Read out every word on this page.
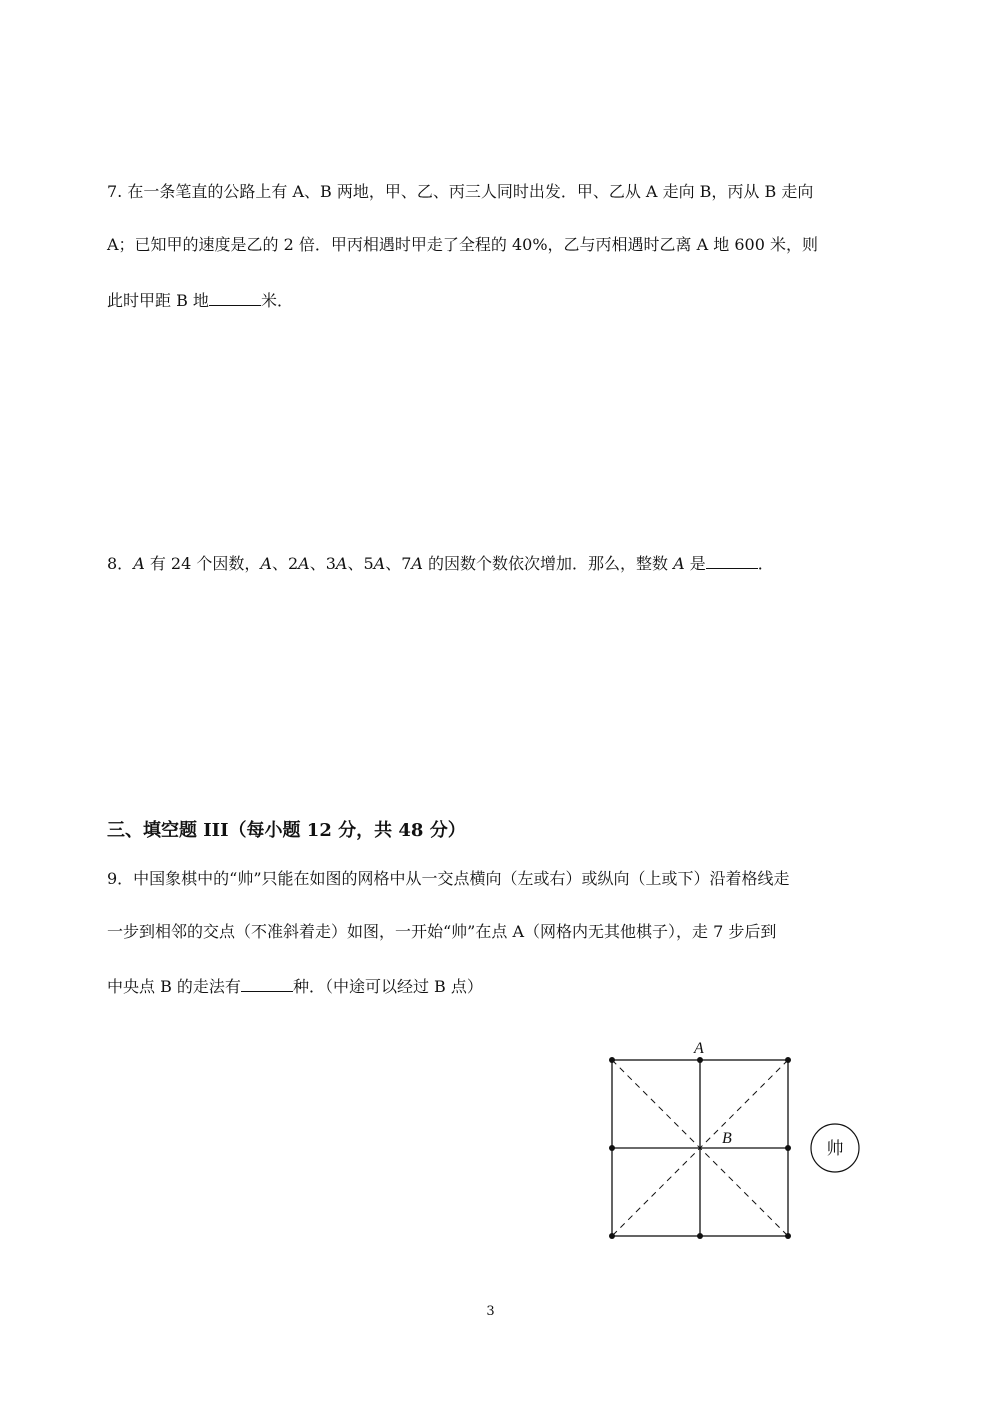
7. 在一条笔直的公路上有 A、B 两地，甲、乙、丙三人同时出发．甲、乙从 A 走向 B，丙从 B 走向
A；已知甲的速度是乙的 2 倍．甲丙相遇时甲走了全程的 40%，乙与丙相遇时乙离 A 地 600 米，则
此时甲距 B 地	米．
8．A 有 24 个因数，A、2A、3A、5A、7A 的因数个数依次增加．那么，整数 A 是	．
三、填空题 III（每小题 12 分，共 48 分）
9．中国象棋中的“帅”只能在如图的网格中从一交点横向（左或右）或纵向（上或下）沿着格线走
一步到相邻的交点（不准斜着走）如图，一开始“帅”在点 A（网格内无其他棋子），走 7 步后到
中央点 B 的走法有	种．（中途可以经过 B 点）
A
B
帅
3
